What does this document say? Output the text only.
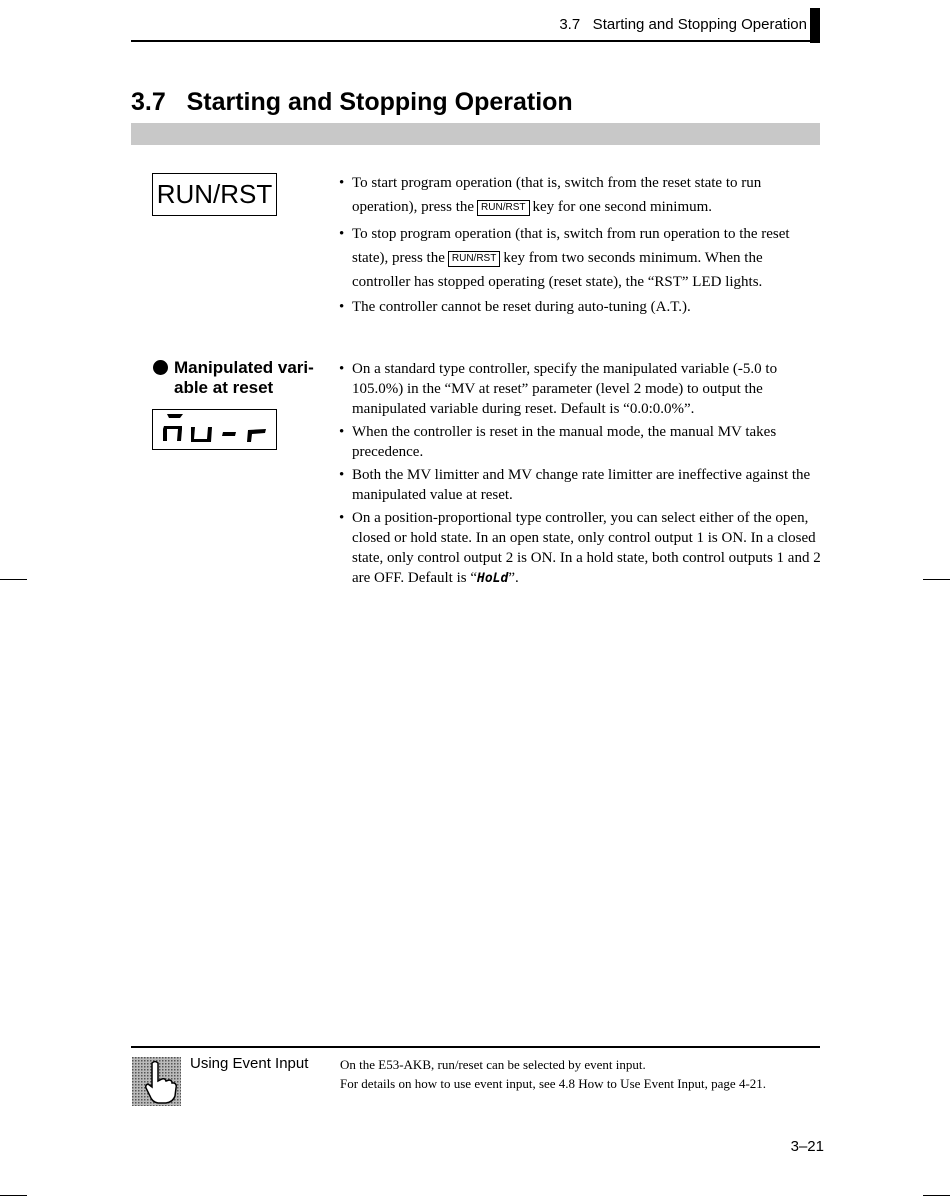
3.7   Starting and Stopping Operation
3.7   Starting and Stopping Operation
RUN/RST	• To start program operation (that is, switch from the reset state to run operation), press the RUN/RST key for one second minimum.
• To stop program operation (that is, switch from run operation to the reset state), press the RUN/RST key from two seconds minimum. When the controller has stopped operating (reset state), the “RST” LED lights.
• The controller cannot be reset during auto-tuning (A.T.).
Manipulated vari-
able at reset
• On a standard type controller, specify the manipulated variable (-5.0 to 105.0%) in the “MV at reset” parameter (level 2 mode) to output the manipulated variable during reset. Default is “0.0:0.0%”.
• When the controller is reset in the manual mode, the manual MV takes precedence.
• Both the MV limitter and MV change rate limitter are ineffective against the manipulated value at reset.
• On a position-proportional type controller, you can select either of the open, closed or hold state. In an open state, only control output 1 is ON. In a closed state, only control output 2 is ON. In a hold state, both control outputs 1 and 2 are OFF. Default is “HoLd”.
Using Event Input On the E53-AKB, run/reset can be selected by event input.
For details on how to use event input, see 4.8 How to Use Event Input, page 4-21.
3–21
